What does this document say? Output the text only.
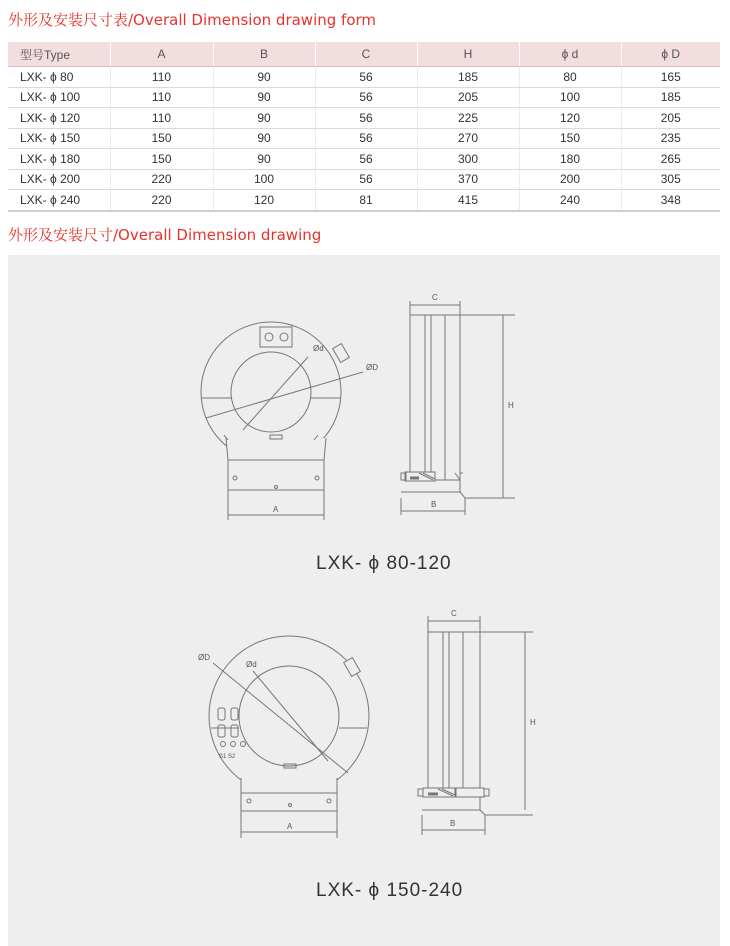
外形及安装尺寸表/Overall Dimension drawing form
型号Type	A	B	C	H	ϕ d	ϕ D
LXK- ϕ 80	110	90	56	185	80	165
LXK- ϕ 100	110	90	56	205	100	185
LXK- ϕ 120	110	90	56	225	120	205
LXK- ϕ 150	150	90	56	270	150	235
LXK- ϕ 180	150	90	56	300	180	265
LXK- ϕ 200	220	100	56	370	200	305
LXK- ϕ 240	220	120	81	415	240	348
外形及安装尺寸/Overall Dimension drawing
Ød
ØD
A
C
H
B
LXK- ϕ 80-120
ØD
Ød
S1 S2
A
C
H
B
LXK- ϕ 150-240
